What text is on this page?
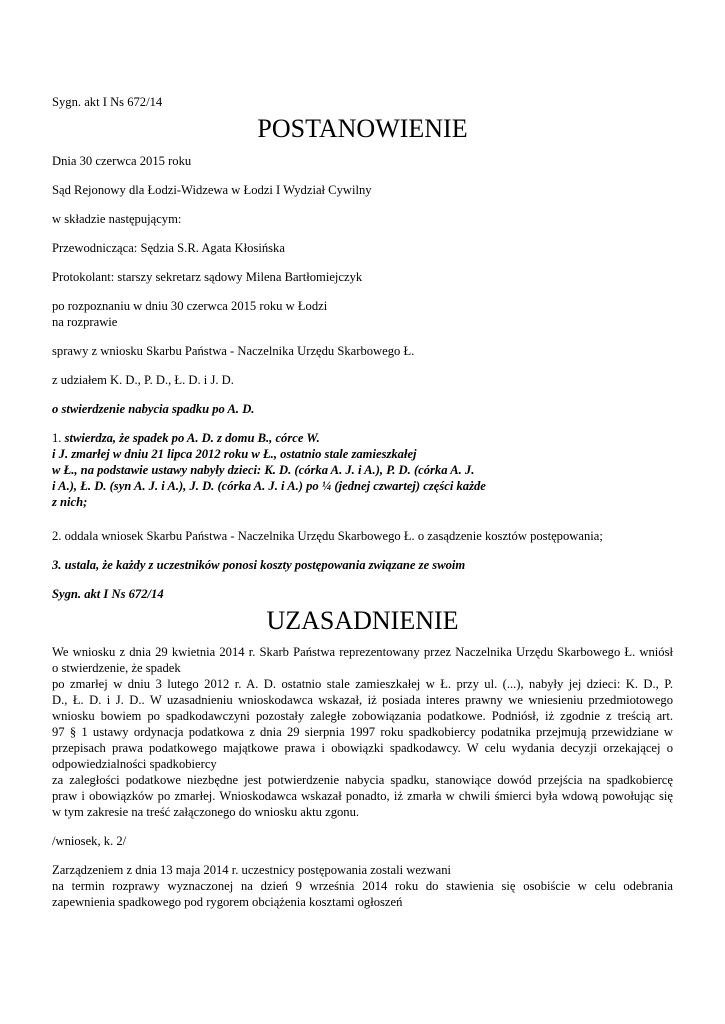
Sygn. akt I Ns 672/14
POSTANOWIENIE
Dnia 30 czerwca 2015 roku
Sąd Rejonowy dla Łodzi-Widzewa w Łodzi I Wydział Cywilny
w składzie następującym:
Przewodnicząca: Sędzia S.R. Agata Kłosińska
Protokolant: starszy sekretarz sądowy Milena Bartłomiejczyk
po rozpoznaniu w dniu 30 czerwca 2015 roku w Łodzi
na rozprawie
sprawy z wniosku Skarbu Państwa - Naczelnika Urzędu Skarbowego Ł.
z udziałem K. D., P. D., Ł. D. i J. D.
o stwierdzenie nabycia spadku po A. D.
1. stwierdza, że spadek po A. D. z domu B., córce W.
i J. zmarłej w dniu 21 lipca 2012 roku w Ł., ostatnio stale zamieszkałej
w Ł., na podstawie ustawy nabyły dzieci: K. D. (córka A. J. i A.), P. D. (córka A. J.
i A.), Ł. D. (syn A. J. i A.), J. D. (córka A. J. i A.) po ¼ (jednej czwartej) części każde
z nich;
2. oddala wniosek Skarbu Państwa - Naczelnika Urzędu Skarbowego Ł. o zasądzenie kosztów postępowania;
3. ustala, że każdy z uczestników ponosi koszty postępowania związane ze swoim
Sygn. akt I Ns 672/14
UZASADNIENIE
We wniosku z dnia 29 kwietnia 2014 r. Skarb Państwa reprezentowany przez Naczelnika Urzędu Skarbowego Ł. wniósł
o stwierdzenie, że spadek
po zmarłej w dniu 3 lutego 2012 r. A. D. ostatnio stale zamieszkałej w Ł. przy ul. (...), nabyły jej dzieci: K. D., P.
D., Ł. D. i J. D.. W uzasadnieniu wnioskodawca wskazał, iż posiada interes prawny we wniesieniu przedmiotowego
wniosku bowiem po spadkodawczyni pozostały zaległe zobowiązania podatkowe. Podniósł, iż zgodnie z treścią art.
97 § 1 ustawy ordynacja podatkowa z dnia 29 sierpnia 1997 roku spadkobiercy podatnika przejmują przewidziane w
przepisach prawa podatkowego majątkowe prawa i obowiązki spadkodawcy. W celu wydania decyzji orzekającej o
odpowiedzialności spadkobiercy
za zaległości podatkowe niezbędne jest potwierdzenie nabycia spadku, stanowiące dowód przejścia na spadkobiercę
praw i obowiązków po zmarłej. Wnioskodawca wskazał ponadto, iż zmarła w chwili śmierci była wdową powołując się
w tym zakresie na treść załączonego do wniosku aktu zgonu.
/wniosek, k. 2/
Zarządzeniem z dnia 13 maja 2014 r. uczestnicy postępowania zostali wezwani
na termin rozprawy wyznaczonej na dzień 9 września 2014 roku do stawienia się osobiście w celu odebrania
zapewnienia spadkowego pod rygorem obciążenia kosztami ogłoszeń
